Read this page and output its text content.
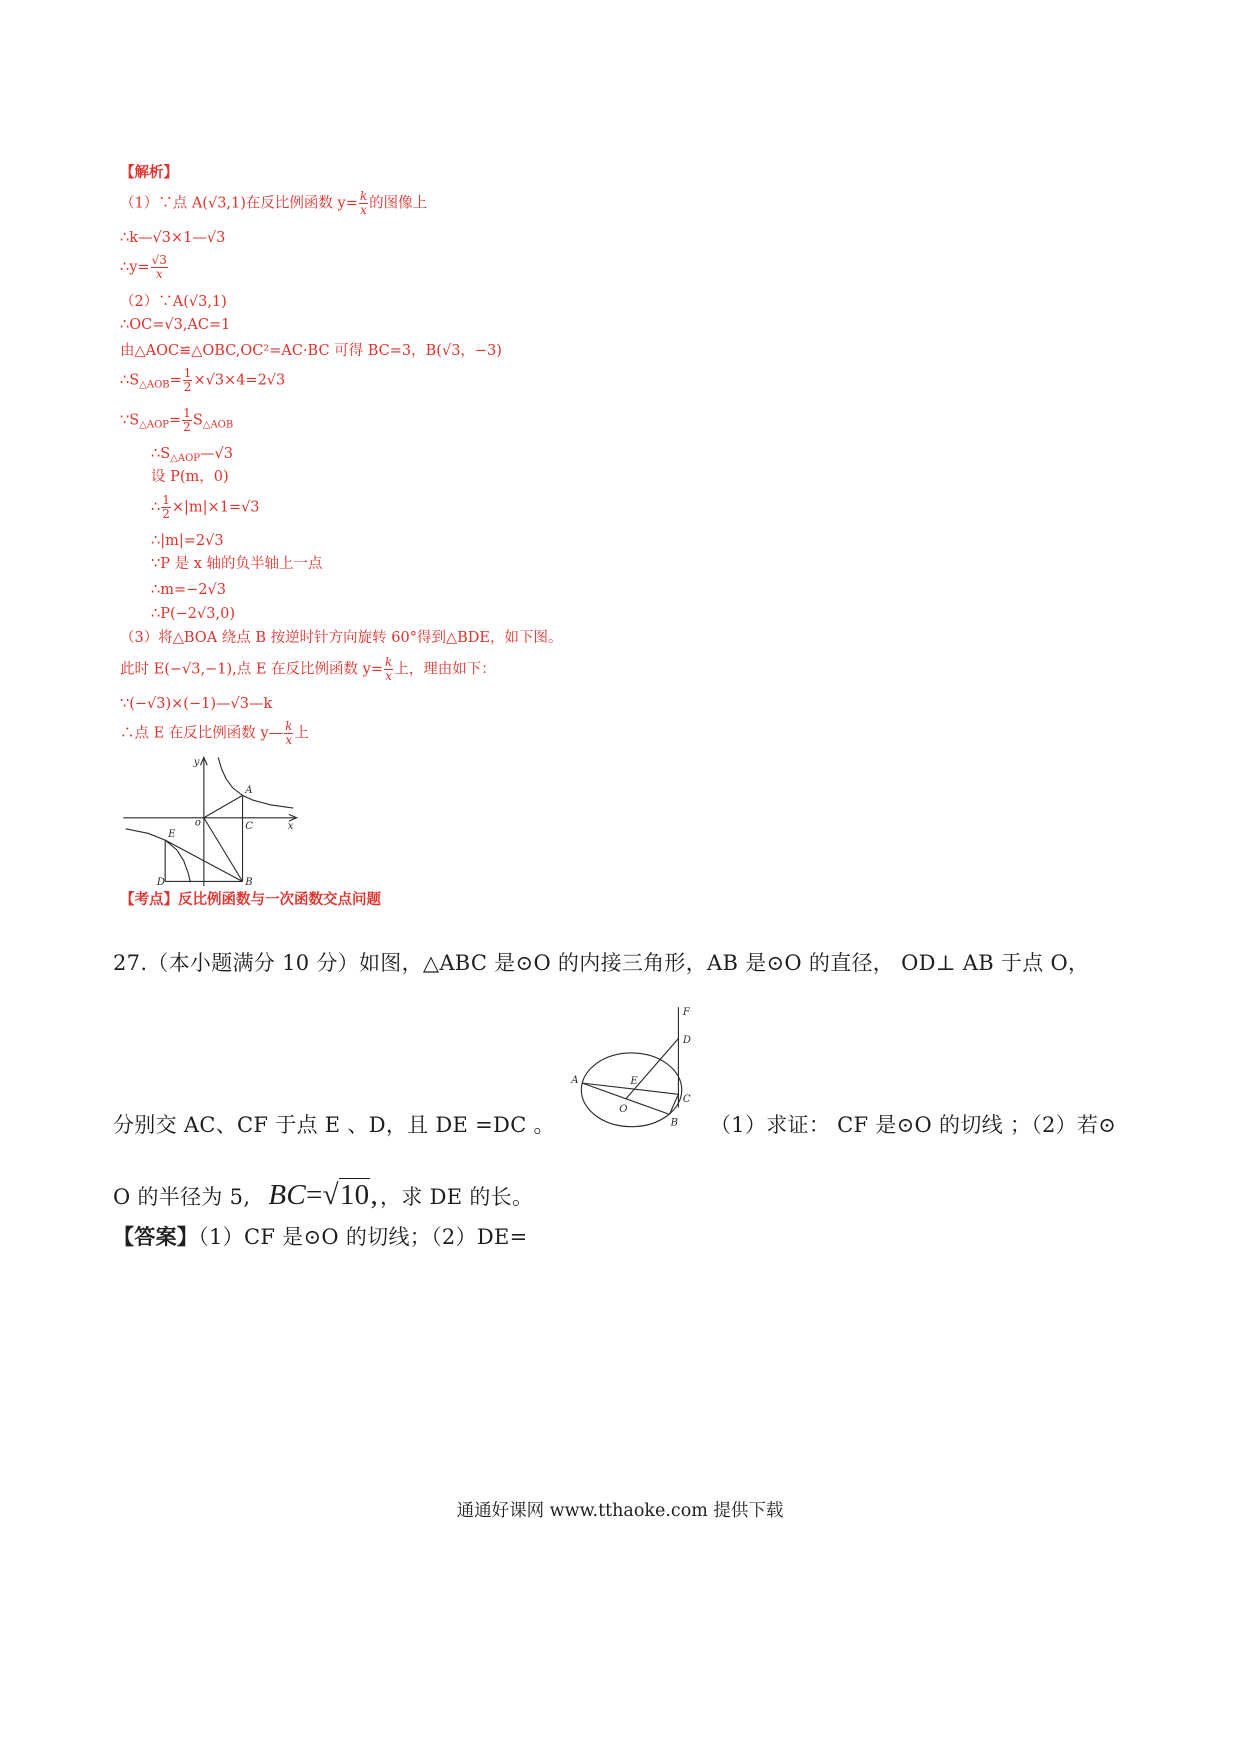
【解析】
（1）∵点 A(√3,1)在反比例函数 $y= \frac{k}{x}$ 的图像上
∴k—√3×1—√3
∴y= $\frac{√3}{x}$
（2）∵A(√3,1)
∴OC=√3,AC=1
由△AOC≌△OBC,OC²=AC·BC 可得 BC=3，B(√3，−3)
$\therefore S_{\triangle AOB}= \frac{1}{2} \times√3\times 4=2√3$
$\because S_{\triangle AOP}= \frac{1}{2} S_{\triangle AOB}$
$\therefore S_{\triangle AOP}—√3$
设 P(m，0)
∴ $\frac{1}{2} \times|m|\times 1=√3$
∴|m|=2√3
∵P 是 x 轴的负半轴上一点
∴m=−2√3
∴P(−2√3,0)
（3）将△BOA 绕点 B 按逆时针方向旋转 60°得到△BDE，如下图。
此时 E(−√3,−1),点 E 在反比例函数 $y= \frac{k}{x}$ 上，理由如下：
∵(−√3)×(−1)—√3—k
∴点 E 在反比例函数 y— $\frac{k}{x}$ 上
y
x
o
A
C
E
D	B
【考点】反比例函数与一次函数交点问题
27.（本小题满分 10 分）如图，△ABC 是⊙O 的内接三角形，AB 是⊙O 的直径， OD⊥ AB 于点 O，
F
D
A	E
C
O
B
分别交 AC、CF 于点 E 、D，且 DE =DC 。	（1）求证： CF 是⊙O 的切线 ；（2）若⊙
O 的半径为 5, BC=√10,，求 DE 的长。
【答案】（1）CF 是⊙O 的切线；（2）DE=
通通好课网 www.tthaoke.com 提供下载
